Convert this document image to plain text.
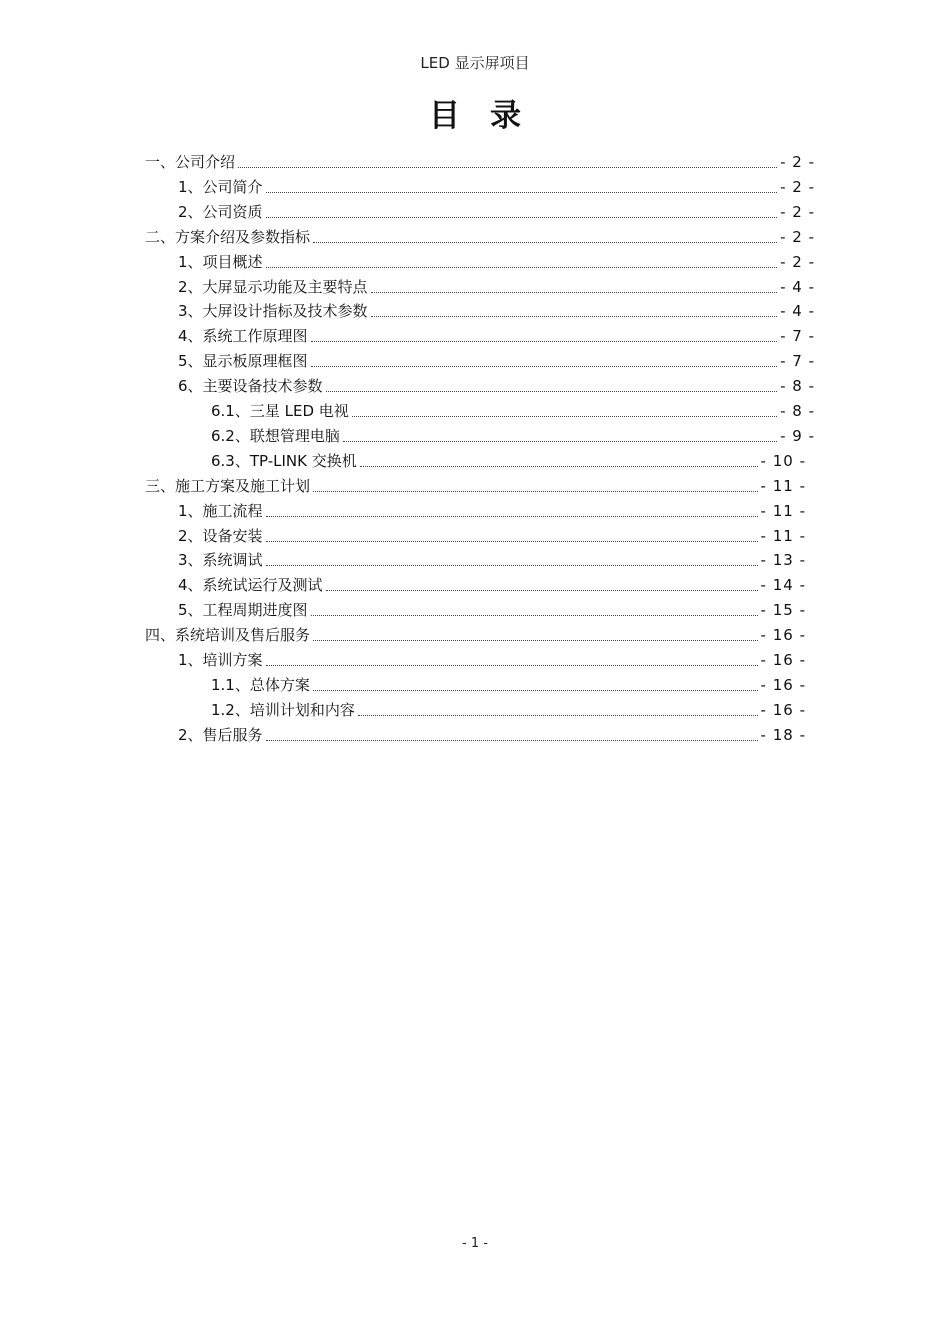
LED 显示屏项目
目录
一、公司介绍	- 2 -
1、公司简介	- 2 -
2、公司资质	- 2 -
二、方案介绍及参数指标	- 2 -
1、项目概述	- 2 -
2、大屏显示功能及主要特点	- 4 -
3、大屏设计指标及技术参数	- 4 -
4、系统工作原理图	- 7 -
5、显示板原理框图	- 7 -
6、主要设备技术参数	- 8 -
6.1、三星 LED 电视	- 8 -
6.2、联想管理电脑	- 9 -
6.3、TP-LINK 交换机	- 10 -
三、施工方案及施工计划	- 11 -
1、施工流程	- 11 -
2、设备安装	- 11 -
3、系统调试	- 13 -
4、系统试运行及测试	- 14 -
5、工程周期进度图	- 15 -
四、系统培训及售后服务	- 16 -
1、培训方案	- 16 -
1.1、总体方案	- 16 -
1.2、培训计划和内容	- 16 -
2、售后服务	- 18 -
- 1 -
